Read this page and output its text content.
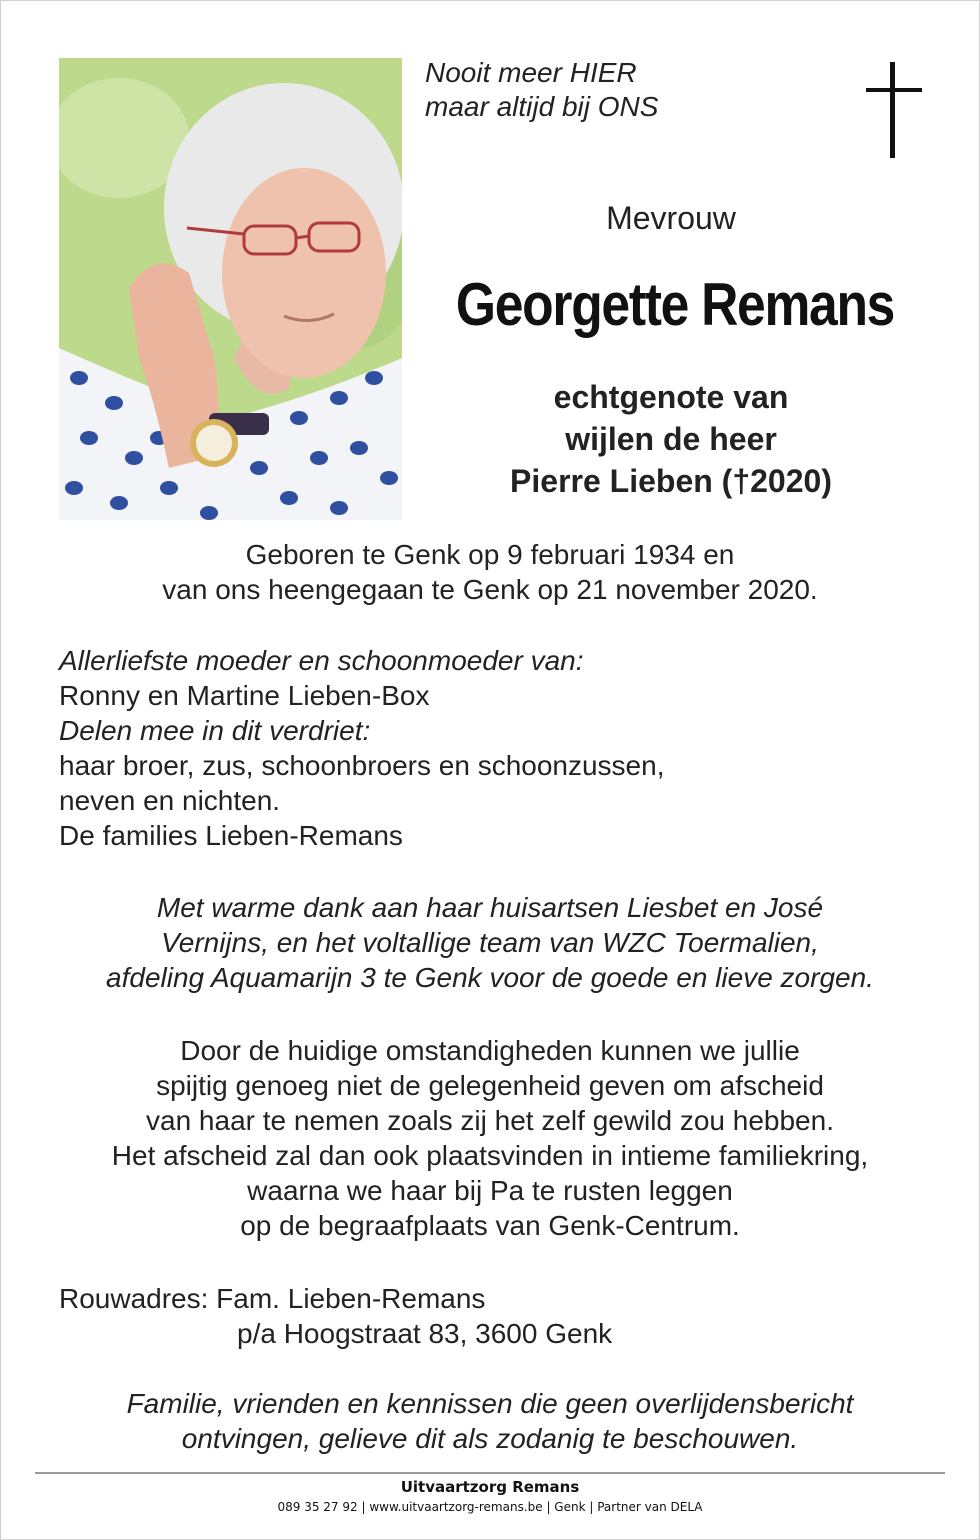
Nooit meer HIER
maar altijd bij ONS
Mevrouw
Georgette Remans
echtgenote van
wijlen de heer
Pierre Lieben (†2020)
Geboren te Genk op 9 februari 1934 en
van ons heengegaan te Genk op 21 november 2020.
Allerliefste moeder en schoonmoeder van:
Ronny en Martine Lieben-Box
Delen mee in dit verdriet:
haar broer, zus, schoonbroers en schoonzussen,
neven en nichten.
De families Lieben-Remans
Met warme dank aan haar huisartsen Liesbet en José
Vernijns, en het voltallige team van WZC Toermalien,
afdeling Aquamarijn 3 te Genk voor de goede en lieve zorgen.
Door de huidige omstandigheden kunnen we jullie
spijtig genoeg niet de gelegenheid geven om afscheid
van haar te nemen zoals zij het zelf gewild zou hebben.
Het afscheid zal dan ook plaatsvinden in intieme familiekring,
waarna we haar bij Pa te rusten leggen
op de begraafplaats van Genk-Centrum.
Rouwadres: Fam. Lieben-Remans
p/a Hoogstraat 83, 3600 Genk
Familie, vrienden en kennissen die geen overlijdensbericht
ontvingen, gelieve dit als zodanig te beschouwen.
Uitvaartzorg Remans
089 35 27 92 | www.uitvaartzorg-remans.be | Genk | Partner van DELA
